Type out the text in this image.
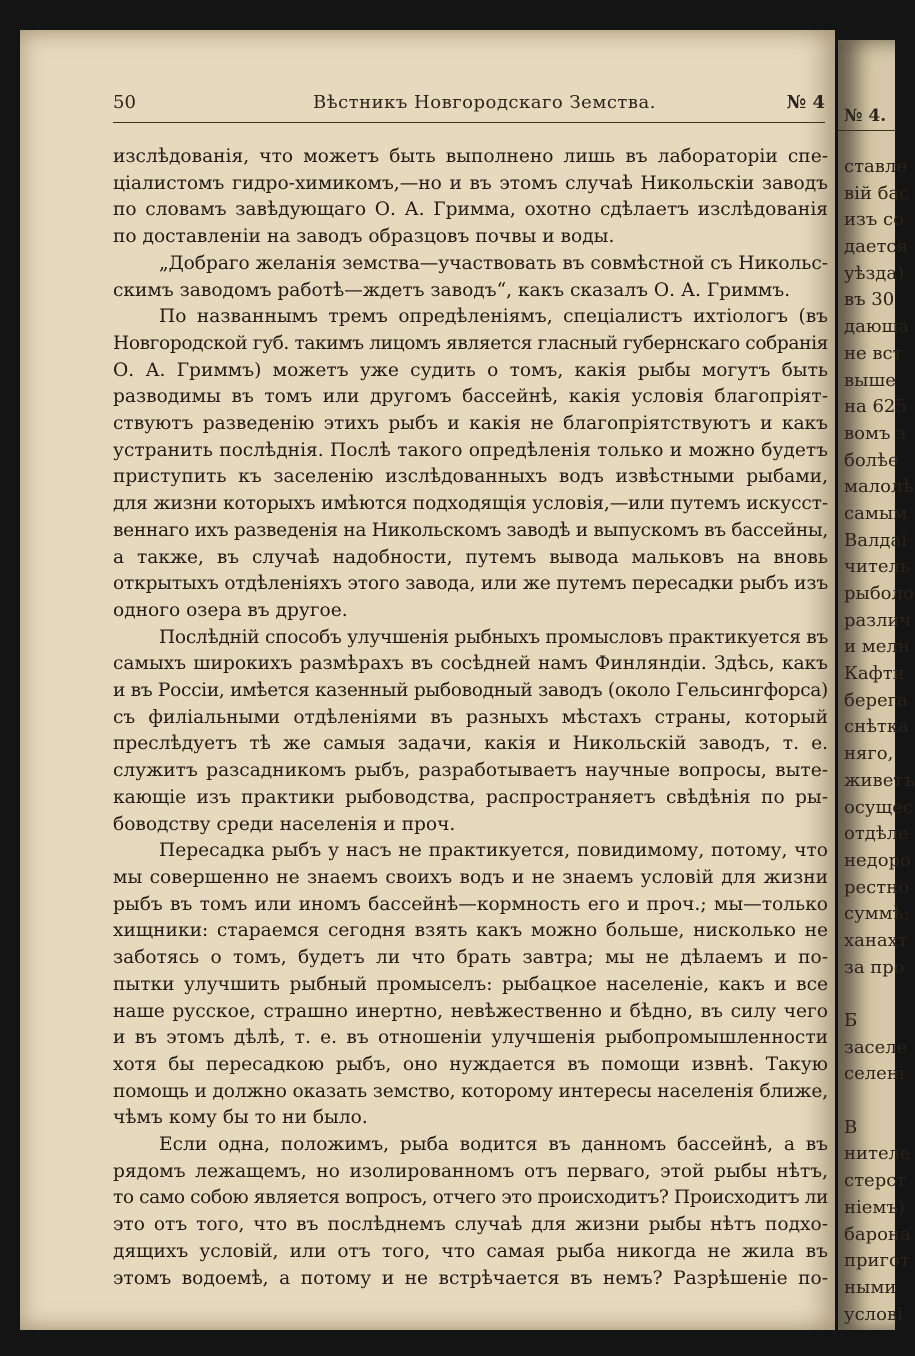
50	Вѣстникъ Новгородскаго Земства.	№ 4
изслѣдованія, что можетъ быть выполнено лишь въ лабораторіи спе-
ціалистомъ гидро-химикомъ,—но и въ этомъ случаѣ Никольскіи заводъ
по словамъ завѣдующаго О. А. Гримма, охотно сдѣлаетъ изслѣдованія
по доставленіи на заводъ образцовъ почвы и воды.
„Добраго желанія земства—участвовать въ совмѣстной съ Никольс-
скимъ заводомъ работѣ—ждетъ заводъ“, какъ сказалъ О. А. Гриммъ.
По названнымъ тремъ опредѣленіямъ, спеціалистъ ихтіологъ (въ
Новгородской губ. такимъ лицомъ является гласный губернскаго собранія
О. А. Гриммъ) можетъ уже судить о томъ, какія рыбы могутъ быть
разводимы въ томъ или другомъ бассейнѣ, какія условія благопріят-
ствуютъ разведенію этихъ рыбъ и какія не благопріятствуютъ и какъ
устранить послѣднія. Послѣ такого опредѣленія только и можно будетъ
приступить къ заселенію изслѣдованныхъ водъ извѣстными рыбами,
для жизни которыхъ имѣются подходящія условія,—или путемъ искусст-
веннаго ихъ разведенія на Никольскомъ заводѣ и выпускомъ въ бассейны,
а также, въ случаѣ надобности, путемъ вывода мальковъ на вновь
открытыхъ отдѣленіяхъ этого завода, или же путемъ пересадки рыбъ изъ
одного озера въ другое.
Послѣдній способъ улучшенія рыбныхъ промысловъ практикуется въ
самыхъ широкихъ размѣрахъ въ сосѣдней намъ Финляндіи. Здѣсь, какъ
и въ Россіи, имѣется казенный рыбоводный заводъ (около Гельсингфорса)
съ филіальными отдѣленіями въ разныхъ мѣстахъ страны, который
преслѣдуетъ тѣ же самыя задачи, какія и Никольскій заводъ, т. е.
служитъ разсадникомъ рыбъ, разработываетъ научные вопросы, выте-
кающіе изъ практики рыбоводства, распространяетъ свѣдѣнія по ры-
боводству среди населенія и проч.
Пересадка рыбъ у насъ не практикуется, повидимому, потому, что
мы совершенно не знаемъ своихъ водъ и не знаемъ условій для жизни
рыбъ въ томъ или иномъ бассейнѣ—кормность его и проч.; мы—только
хищники: стараемся сегодня взять какъ можно больше, нисколько не
заботясь о томъ, будетъ ли что брать завтра; мы не дѣлаемъ и по-
пытки улучшить рыбный промыселъ: рыбацкое населеніе, какъ и все
наше русское, страшно инертно, невѣжественно и бѣдно, въ силу чего
и въ этомъ дѣлѣ, т. е. въ отношеніи улучшенія рыбопромышленности
хотя бы пересадкою рыбъ, оно нуждается въ помощи извнѣ. Такую
помощь и должно оказать земство, которому интересы населенія ближе,
чѣмъ кому бы то ни было.
Если одна, положимъ, рыба водится въ данномъ бассейнѣ, а въ
рядомъ лежащемъ, но изолированномъ отъ перваго, этой рыбы нѣтъ,
то само собою является вопросъ, отчего это происходитъ? Происходитъ ли
это отъ того, что въ послѣднемъ случаѣ для жизни рыбы нѣтъ подхо-
дящихъ условій, или отъ того, что самая рыба никогда не жила въ
этомъ водоемѣ, а потому и не встрѣчается въ немъ? Разрѣшеніе по-
№ 4.
ставле
вій бас
изъ со
дается
уѣзда)
въ 30
дающа
не вст
выше
на 625
вомъ з
болѣе
малолѣ
самым
Валдаї
читель
рыболо
различ
и мелн
Кафти
берега
снѣтка
няго,
живетъ
осущес
отдѣле
недоро
рестно
суммѣ;
ханахт
за про
Б
заселе
селені
В
нителе
стерст
ніемъ)
барона
пригот
ными
услові
